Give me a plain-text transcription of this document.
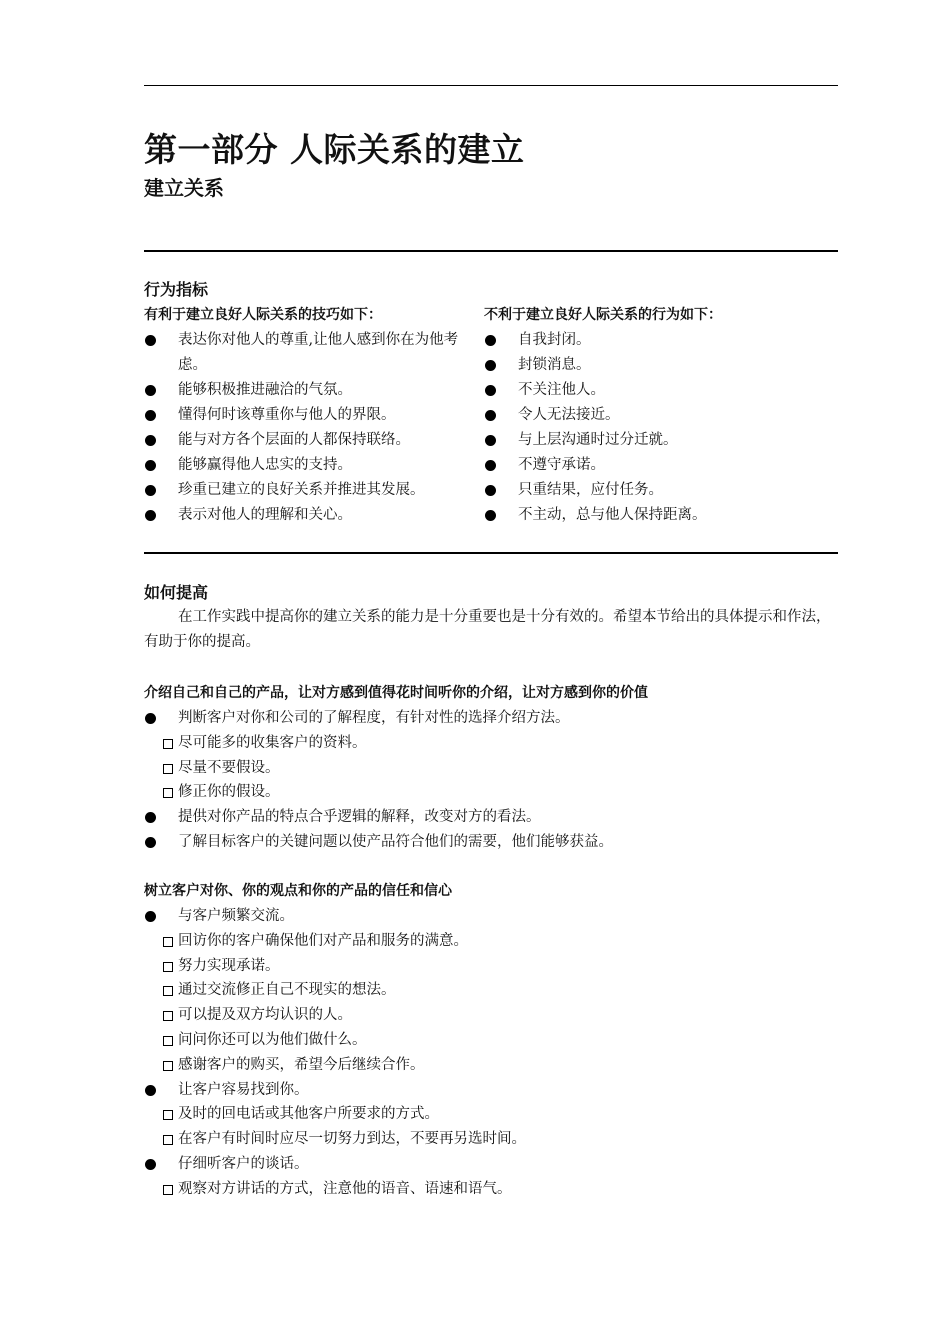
第一部分 人际关系的建立
建立关系
行为指标

有利于建立良好人际关系的技巧如下：

表达你对他人的尊重,让他人感到你在为他考虑。
能够积极推进融洽的气氛。
懂得何时该尊重你与他人的界限。
能与对方各个层面的人都保持联络。
能够赢得他人忠实的支持。
珍重已建立的良好关系并推进其发展。
表示对他人的理解和关心。

不利于建立良好人际关系的行为如下：

自我封闭。
封锁消息。
不关注他人。
令人无法接近。
与上层沟通时过分迁就。
不遵守承诺。
只重结果，应付任务。
不主动，总与他人保持距离。
如何提高

在工作实践中提高你的建立关系的能力是十分重要也是十分有效的。希望本节给出的具体提示和作法，有助于你的提高。

介绍自己和自己的产品，让对方感到值得花时间听你的介绍，让对方感到你的价值

判断客户对你和公司的了解程度，有针对性的选择介绍方法。
尽可能多的收集客户的资料。
尽量不要假设。
修正你的假设。
提供对你产品的特点合乎逻辑的解释，改变对方的看法。
了解目标客户的关键问题以使产品符合他们的需要，他们能够获益。

树立客户对你、你的观点和你的产品的信任和信心

与客户频繁交流。
回访你的客户确保他们对产品和服务的满意。
努力实现承诺。
通过交流修正自己不现实的想法。
可以提及双方均认识的人。
问问你还可以为他们做什么。
感谢客户的购买，希望今后继续合作。
让客户容易找到你。
及时的回电话或其他客户所要求的方式。
在客户有时间时应尽一切努力到达，不要再另选时间。
仔细听客户的谈话。
观察对方讲话的方式，注意他的语音、语速和语气。
